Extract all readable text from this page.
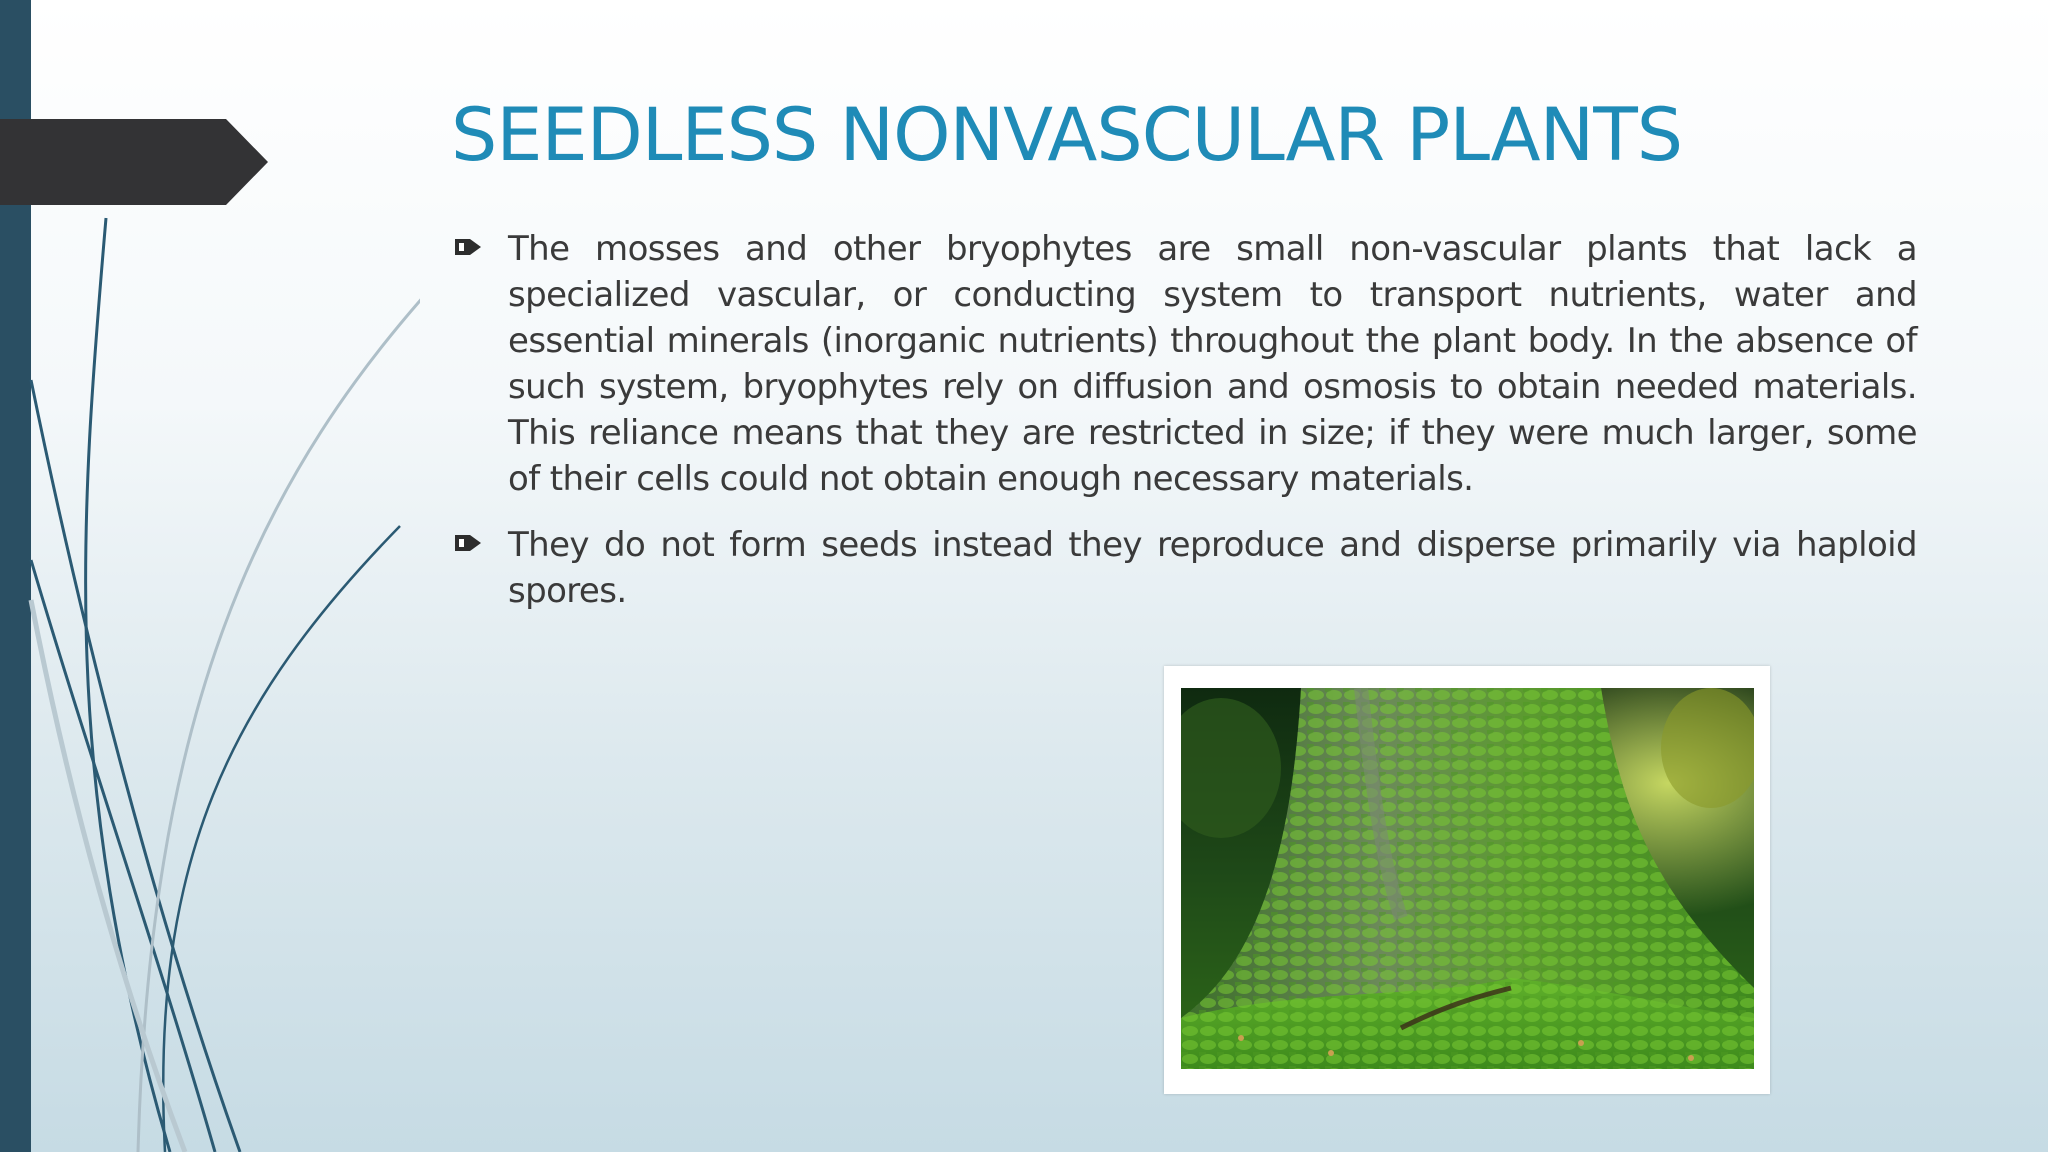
SEEDLESS NONVASCULAR PLANTS
The mosses and other bryophytes are small non-vascular plants that lack a specialized vascular, or conducting system to transport nutrients, water and essential minerals (inorganic nutrients) throughout the plant body. In the absence of such system, bryophytes rely on diffusion and osmosis to obtain needed materials. This reliance means that they are restricted in size; if they were much larger, some of their cells could not obtain enough necessary materials.
They do not form seeds instead they reproduce and disperse primarily via haploid spores.
